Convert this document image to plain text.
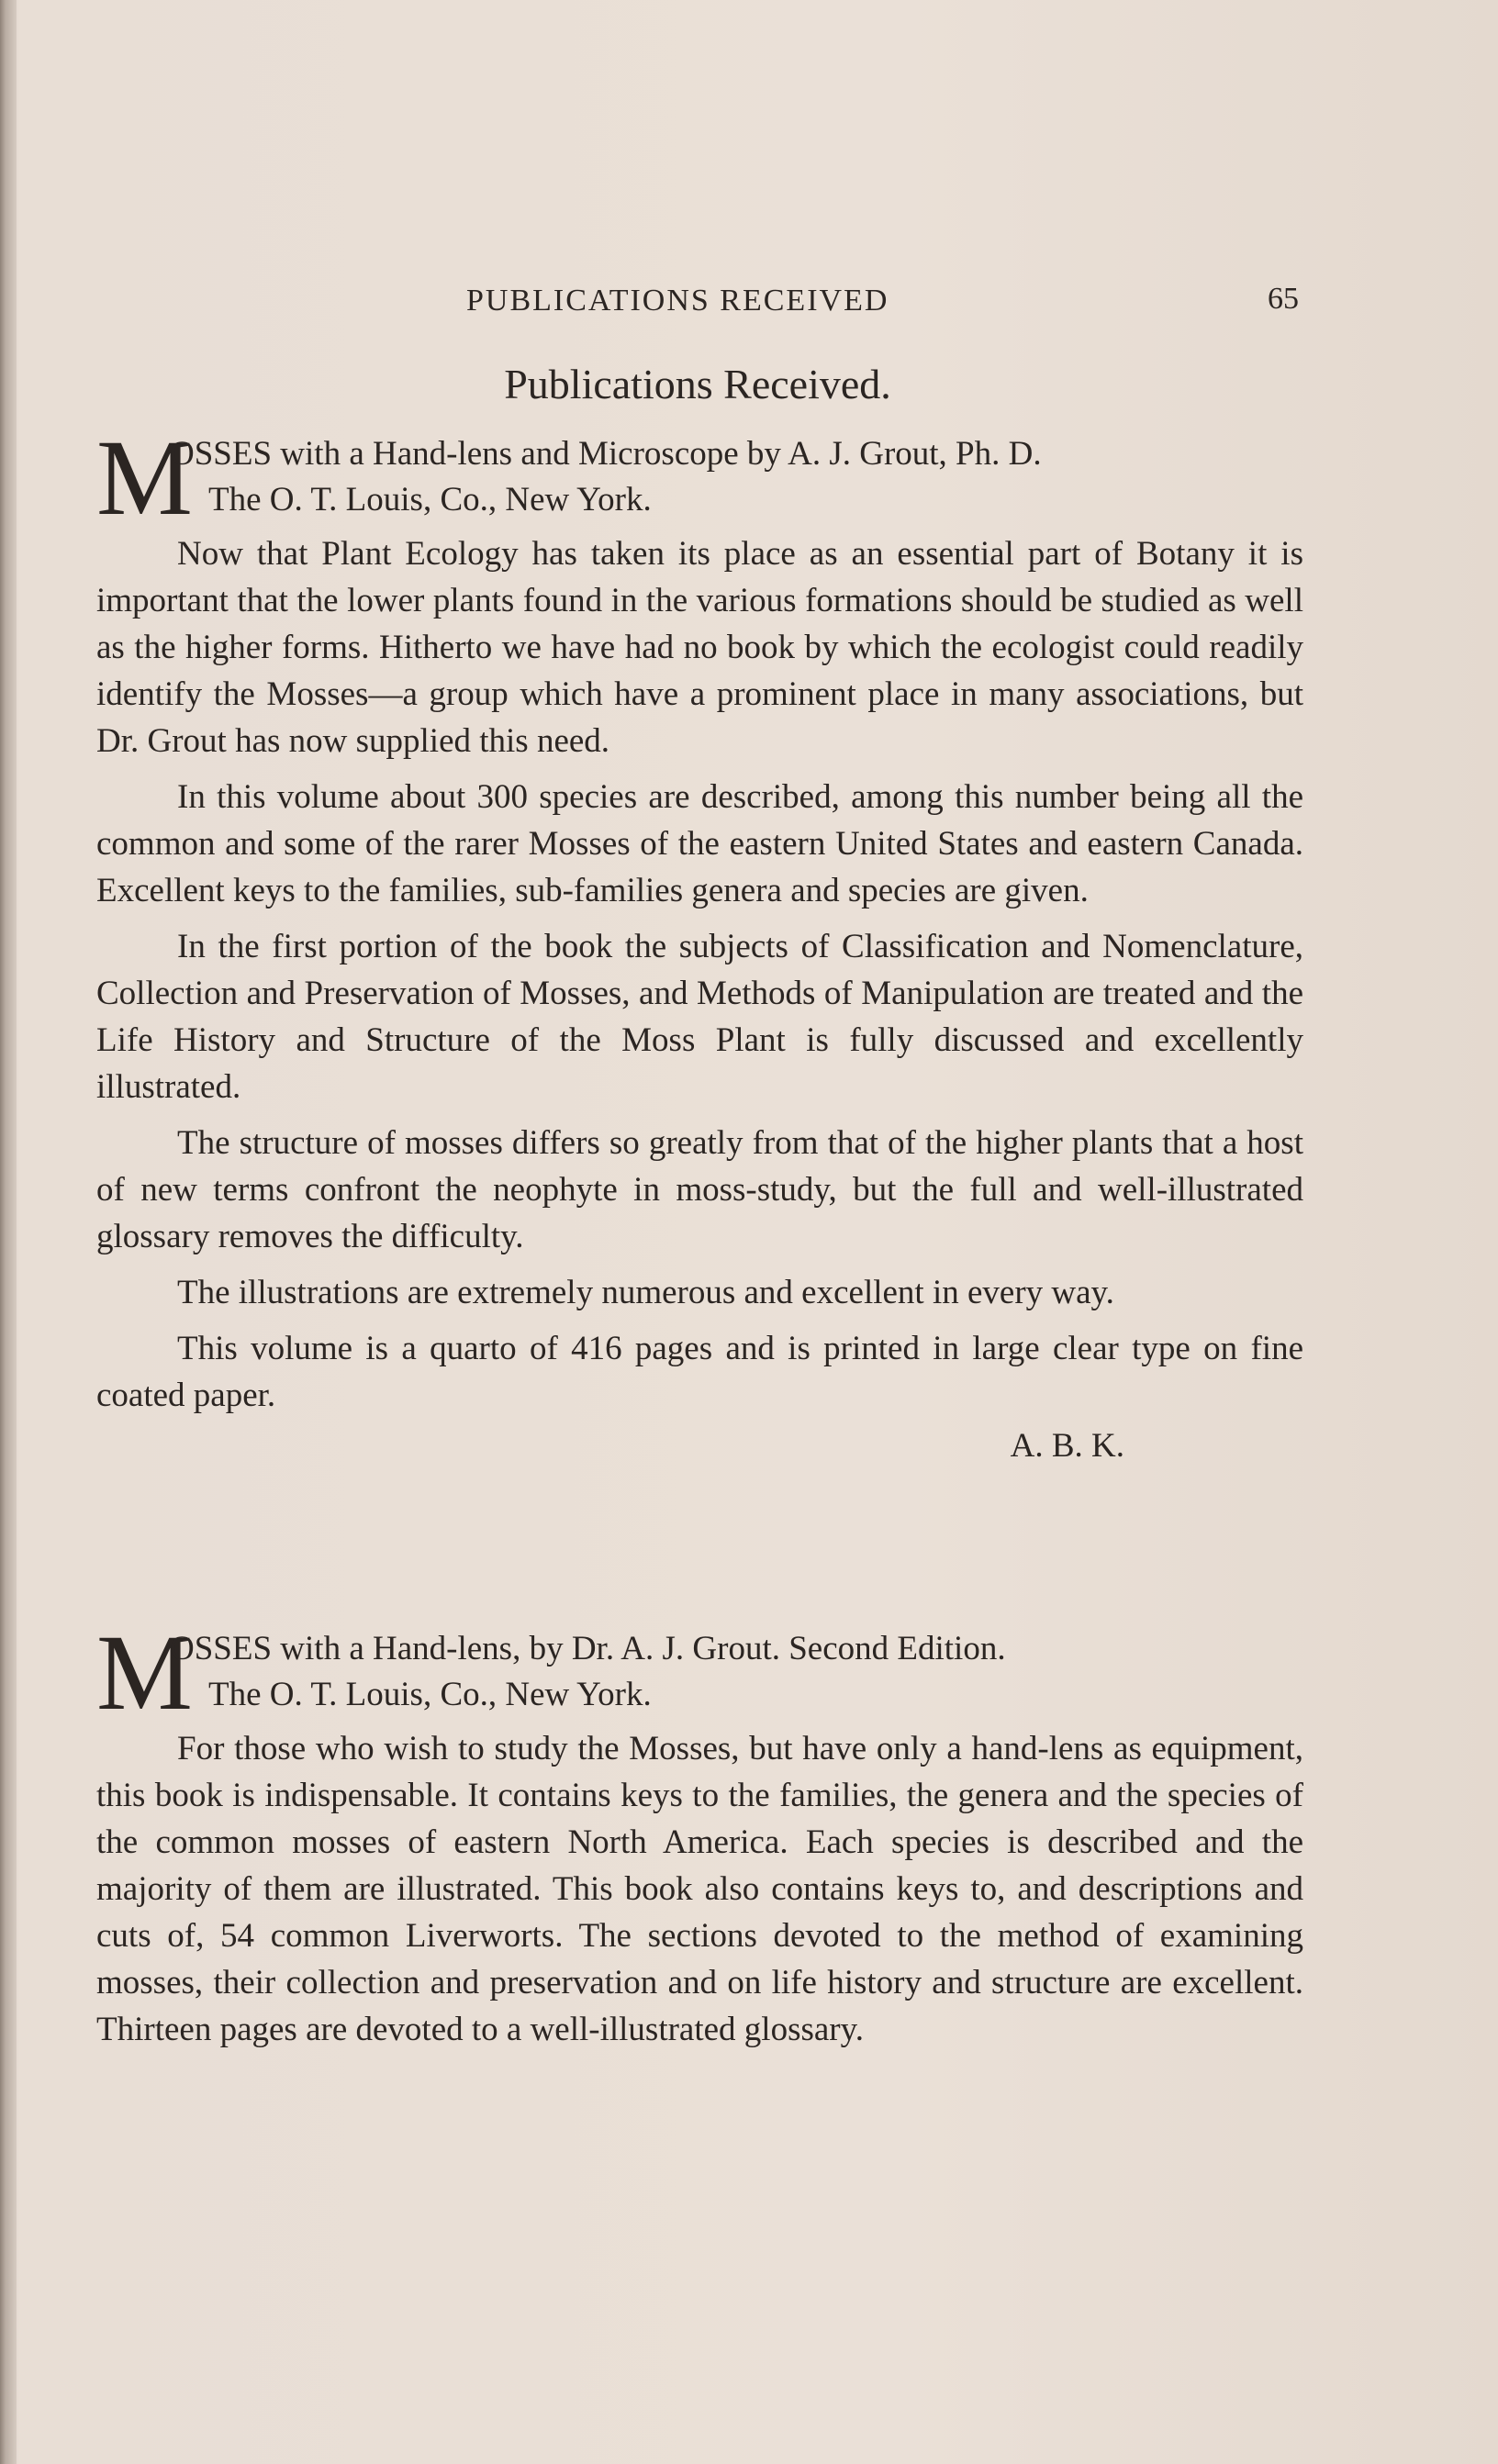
PUBLICATIONS RECEIVED	65
Publications Received.
M
OSSES with a Hand-lens and Microscope by A. J. Grout, Ph. D.
The O. T. Louis, Co., New York.

Now that Plant Ecology has taken its place as an essential part of Botany it is important that the lower plants found in the various formations should be studied as well as the higher forms. Hitherto we have had no book by which the ecologist could readily identify the Mosses—a group which have a prominent place in many associations, but Dr. Grout has now supplied this need.

In this volume about 300 species are described, among this number being all the common and some of the rarer Mosses of the eastern United States and eastern Canada. Excellent keys to the families, sub-families genera and species are given.

In the first portion of the book the subjects of Classification and Nomenclature, Collection and Preservation of Mosses, and Methods of Manipulation are treated and the Life History and Structure of the Moss Plant is fully discussed and excellently illustrated.

The structure of mosses differs so greatly from that of the higher plants that a host of new terms confront the neophyte in moss-study, but the full and well-illustrated glossary removes the difficulty.

The illustrations are extremely numerous and excellent in every way.

This volume is a quarto of 416 pages and is printed in large clear type on fine coated paper.

A. B. K.
M
OSSES with a Hand-lens, by Dr. A. J. Grout. Second Edition.
The O. T. Louis, Co., New York.

For those who wish to study the Mosses, but have only a hand-lens as equipment, this book is indispensable. It contains keys to the families, the genera and the species of the common mosses of eastern North America. Each species is described and the majority of them are illustrated. This book also contains keys to, and descriptions and cuts of, 54 common Liverworts. The sections devoted to the method of examining mosses, their collection and preservation and on life history and structure are excellent. Thirteen pages are devoted to a well-illustrated glossary.
